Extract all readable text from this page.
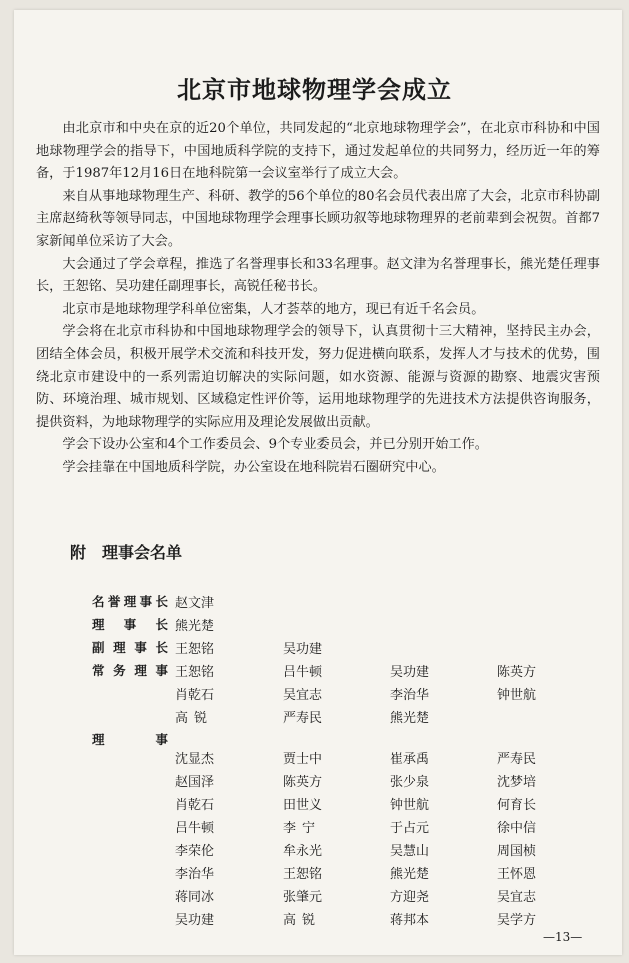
北京市地球物理学会成立

由北京市和中央在京的近20个单位，共同发起的“北京地球物理学会”，在北京市科协和中国地球物理学会的指导下，中国地质科学院的支持下，通过发起单位的共同努力，经历近一年的筹备，于1987年12月16日在地科院第一会议室举行了成立大会。

来自从事地球物理生产、科研、教学的56个单位的80名会员代表出席了大会，北京市科协副主席赵绮秋等领导同志，中国地球物理学会理事长顾功叙等地球物理界的老前辈到会祝贺。首都7家新闻单位采访了大会。

大会通过了学会章程，推选了名誉理事长和33名理事。赵文津为名誉理事长，熊光楚任理事长，王恕铭、吴功建任副理事长，高锐任秘书长。

北京市是地球物理学科单位密集，人才荟萃的地方，现已有近千名会员。

学会将在北京市科协和中国地球物理学会的领导下，认真贯彻十三大精神，坚持民主办会，团结全体会员，积极开展学术交流和科技开发，努力促进横向联系，发挥人才与技术的优势，围绕北京市建设中的一系列需迫切解决的实际问题，如水资源、能源与资源的勘察、地震灾害预防、环境治理、城市规划、区域稳定性评价等，运用地球物理学的先进技术方法提供咨询服务，提供资料，为地球物理学的实际应用及理论发展做出贡献。

学会下设办公室和4个工作委员会、9个专业委员会，并已分别开始工作。

学会挂靠在中国地质科学院，办公室设在地科院岩石圈研究中心。

附　理事会名单
名誉理事长 赵文津
理事长 熊光楚
副理事长 王恕铭	吴功建
常务理事 王恕铭	吕牛顿	吴功建	陈英方
肖乾石	吴宜志	李治华	钟世航
高锐	严寿民	熊光楚
理事
沈显杰	贾士中	崔承禹	严寿民
赵国泽	陈英方	张少泉	沈梦培
肖乾石	田世义	钟世航	何育长
吕牛顿	李宁	于占元	徐中信
李荣伦	牟永光	吴慧山	周国桢
李治华	王恕铭	熊光楚	王怀恩
蒋同冰	张肇元	方迎尧	吴宜志
吴功建	高锐	蒋邦本	吴学方
—13—
